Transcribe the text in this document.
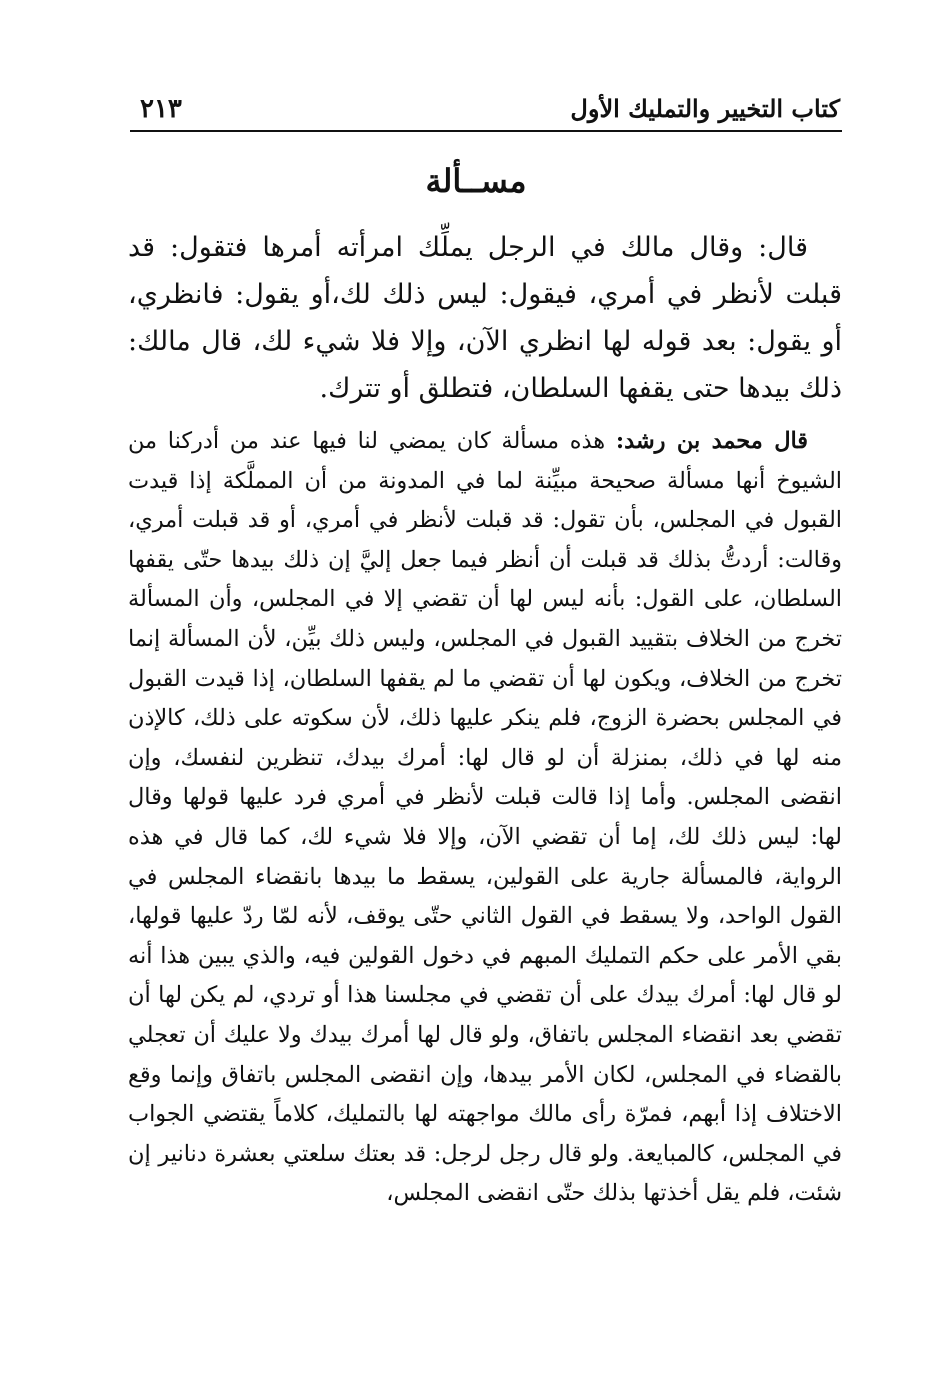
كتاب التخيير والتمليك الأول
٢١٣
مســألة

قال: وقال مالك في الرجل يملِّك امرأته أمرها فتقول: قد قبلت لأنظر في أمري، فيقول: ليس ذلك لك،أو يقول: فانظري، أو يقول: بعد قوله لها انظري الآن، وإلا فلا شيء لك، قال مالك: ذلك بيدها حتى يقفها السلطان، فتطلق أو تترك.

قال محمد بن رشد: هذه مسألة كان يمضي لنا فيها عند من أدركنا من الشيوخ أنها مسألة صحيحة مبيِّنة لما في المدونة من أن المملَّكة إذا قيدت القبول في المجلس، بأن تقول: قد قبلت لأنظر في أمري، أو قد قبلت أمري، وقالت: أردتُّ بذلك قد قبلت أن أنظر فيما جعل إليَّ إن ذلك بيدها حتّى يقفها السلطان، على القول: بأنه ليس لها أن تقضي إلا في المجلس، وأن المسألة تخرج من الخلاف بتقييد القبول في المجلس، وليس ذلك بيِّن، لأن المسألة إنما تخرج من الخلاف، ويكون لها أن تقضي ما لم يقفها السلطان، إذا قيدت القبول في المجلس بحضرة الزوج، فلم ينكر عليها ذلك، لأن سكوته على ذلك، كالإذن منه لها في ذلك، بمنزلة أن لو قال لها: أمرك بيدك، تنظرين لنفسك، وإن انقضى المجلس. وأما إذا قالت قبلت لأنظر في أمري فرد عليها قولها وقال لها: ليس ذلك لك، إما أن تقضي الآن، وإلا فلا شيء لك، كما قال في هذه الرواية، فالمسألة جارية على القولين، يسقط ما بيدها بانقضاء المجلس في القول الواحد، ولا يسقط في القول الثاني حتّى يوقف، لأنه لمّا ردّ عليها قولها، بقي الأمر على حكم التمليك المبهم في دخول القولين فيه، والذي يبين هذا أنه لو قال لها: أمرك بيدك على أن تقضي في مجلسنا هذا أو تردي، لم يكن لها أن تقضي بعد انقضاء المجلس باتفاق، ولو قال لها أمرك بيدك ولا عليك أن تعجلي بالقضاء في المجلس، لكان الأمر بيدها، وإن انقضى المجلس باتفاق وإنما وقع الاختلاف إذا أبهم، فمرّة رأى مالك مواجهته لها بالتمليك، كلاماً يقتضي الجواب في المجلس، كالمبايعة. ولو قال رجل لرجل: قد بعتك سلعتي بعشرة دنانير إن شئت، فلم يقل أخذتها بذلك حتّى انقضى المجلس،
